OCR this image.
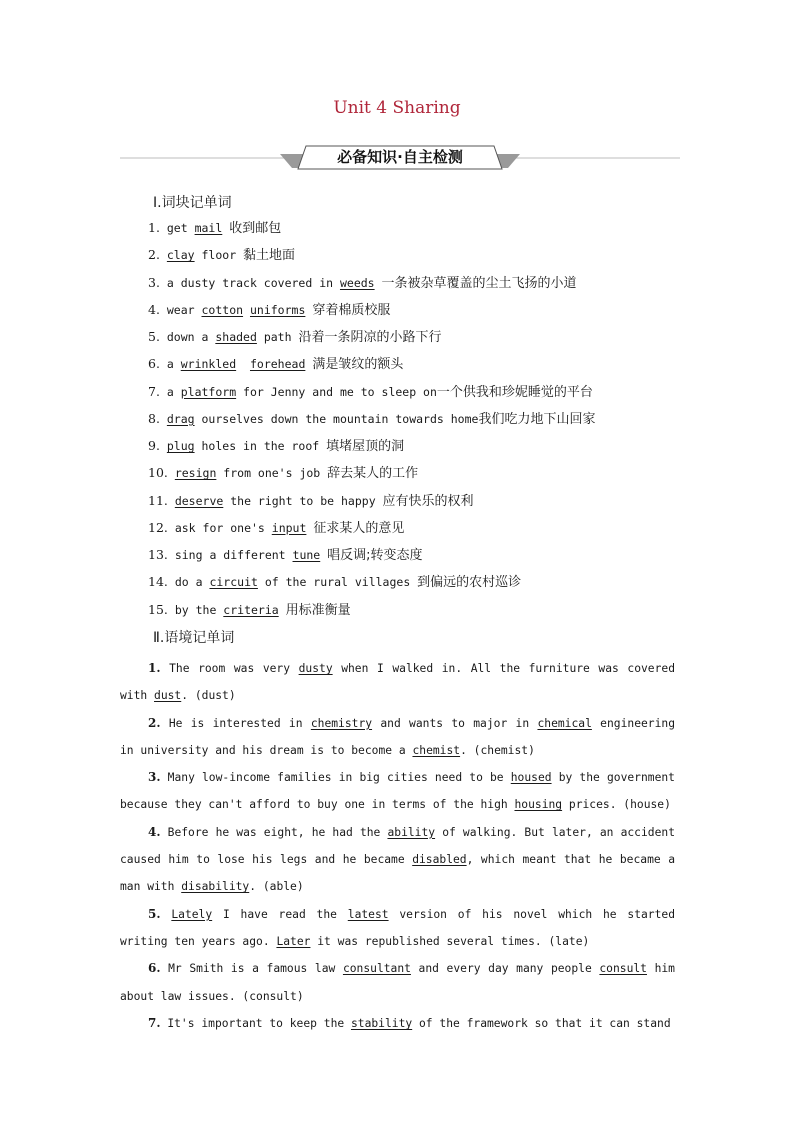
Unit 4 Sharing
必备知识·自主检测
Ⅰ.词块记单词
1. get mail 收到邮包
2. clay floor 黏土地面
3. a dusty track covered in weeds 一条被杂草覆盖的尘土飞扬的小道
4. wear cotton uniforms 穿着棉质校服
5. down a shaded path 沿着一条阴凉的小路下行
6. a wrinkled forehead 满是皱纹的额头
7. a platform for Jenny and me to sleep on一个供我和珍妮睡觉的平台
8. drag ourselves down the mountain towards home我们吃力地下山回家
9. plug holes in the roof 填堵屋顶的洞
10. resign from one's job 辞去某人的工作
11. deserve the right to be happy 应有快乐的权利
12. ask for one's input 征求某人的意见
13. sing a different tune 唱反调;转变态度
14. do a circuit of the rural villages 到偏远的农村巡诊
15. by the criteria 用标准衡量
Ⅱ.语境记单词
1. The room was very dusty when I walked in. All the furniture was covered with dust. (dust)
2. He is interested in chemistry and wants to major in chemical engineering in university and his dream is to become a chemist. (chemist)
3. Many low-income families in big cities need to be housed by the government because they can't afford to buy one in terms of the high housing prices. (house)
4. Before he was eight, he had the ability of walking. But later, an accident caused him to lose his legs and he became disabled, which meant that he became a man with disability. (able)
5. Lately I have read the latest version of his novel which he started writing ten years ago. Later it was republished several times. (late)
6. Mr Smith is a famous law consultant and every day many people consult him about law issues. (consult)
7. It's important to keep the stability of the framework so that it can stand
